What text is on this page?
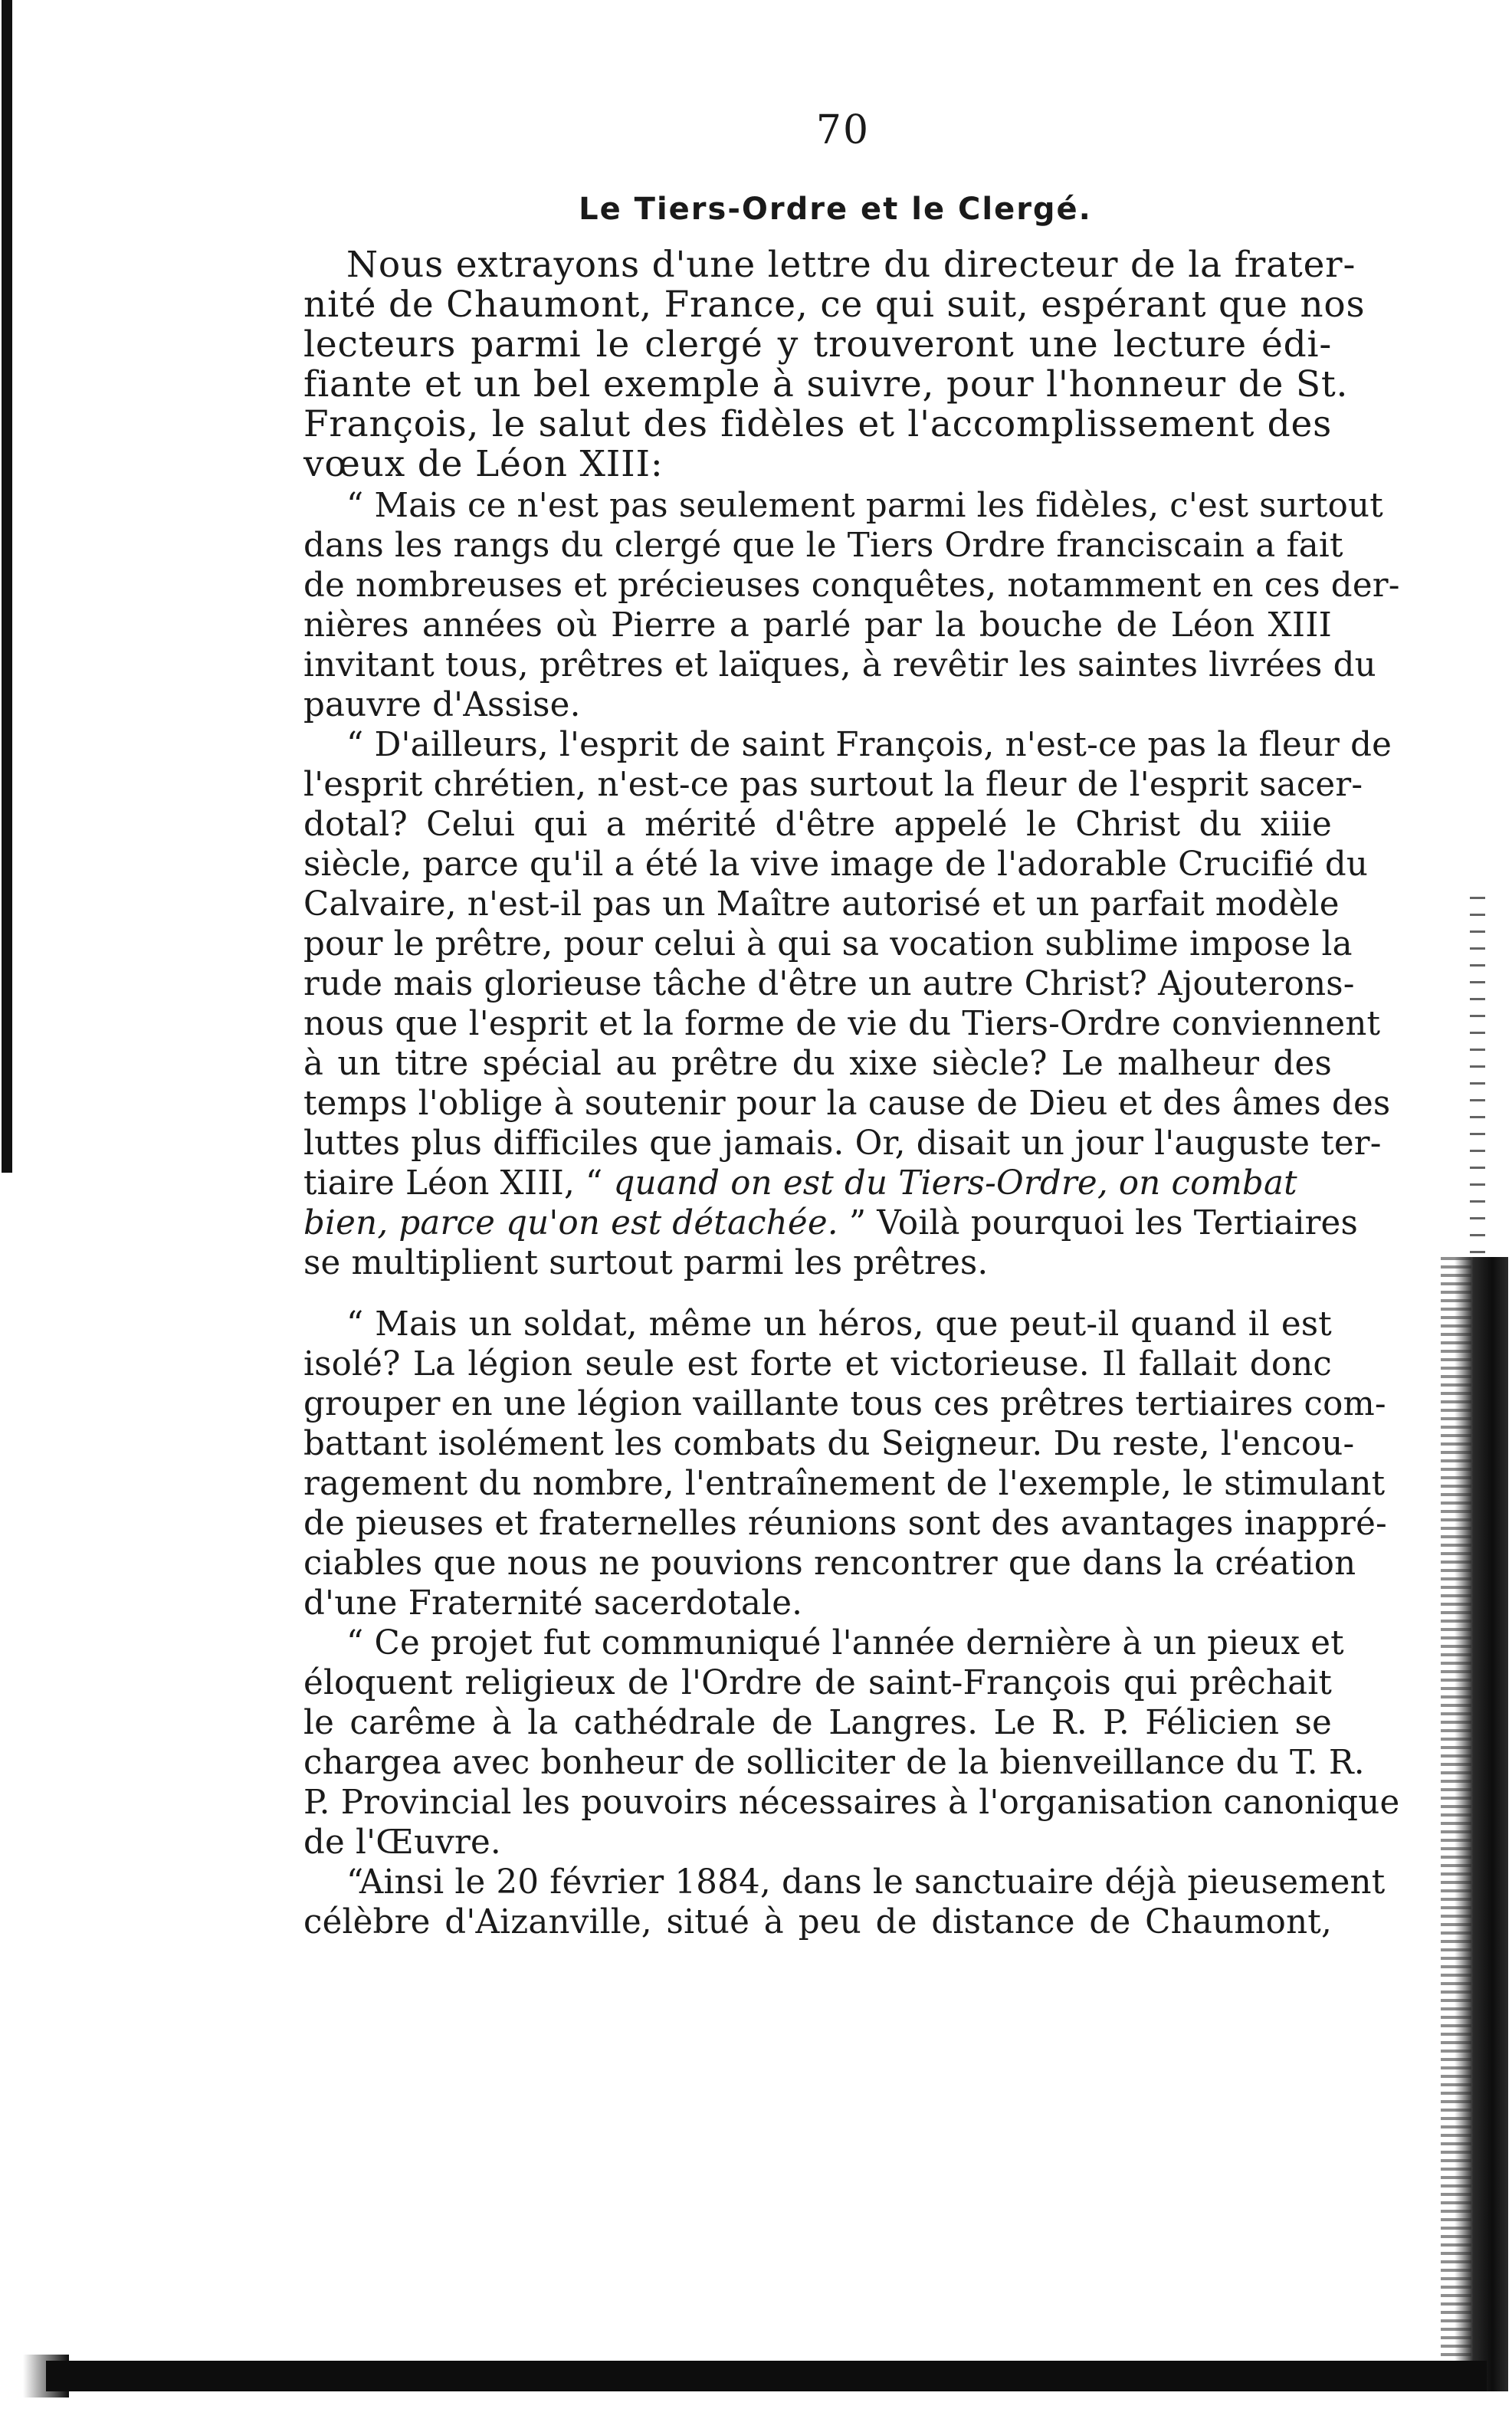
70
Le Tiers-Ordre et le Clergé.
Nous extrayons d'une lettre du directeur de la frater-
nité de Chaumont, France, ce qui suit, espérant que nos
lecteurs parmi le clergé y trouveront une lecture édi-
fiante et un bel exemple à suivre, pour l'honneur de St.
François, le salut des fidèles et l'accomplissement des
vœux de Léon XIII:
“ Mais ce n'est pas seulement parmi les fidèles, c'est surtout
dans les rangs du clergé que le Tiers Ordre franciscain a fait
de nombreuses et précieuses conquêtes, notamment en ces der-
nières années où Pierre a parlé par la bouche de Léon XIII
invitant tous, prêtres et laïques, à revêtir les saintes livrées du
pauvre d'Assise.
“ D'ailleurs, l'esprit de saint François, n'est-ce pas la fleur de
l'esprit chrétien, n'est-ce pas surtout la fleur de l'esprit sacer-
dotal? Celui qui a mérité d'être appelé le Christ du xiiie
siècle, parce qu'il a été la vive image de l'adorable Crucifié du
Calvaire, n'est-il pas un Maître autorisé et un parfait modèle
pour le prêtre, pour celui à qui sa vocation sublime impose la
rude mais glorieuse tâche d'être un autre Christ? Ajouterons-
nous que l'esprit et la forme de vie du Tiers-Ordre conviennent
à un titre spécial au prêtre du xixe siècle? Le malheur des
temps l'oblige à soutenir pour la cause de Dieu et des âmes des
luttes plus difficiles que jamais. Or, disait un jour l'auguste ter-
tiaire Léon XIII, “ quand on est du Tiers-Ordre, on combat
bien, parce qu'on est détachée. ” Voilà pourquoi les Tertiaires
se multiplient surtout parmi les prêtres.
“ Mais un soldat, même un héros, que peut-il quand il est
isolé? La légion seule est forte et victorieuse. Il fallait donc
grouper en une légion vaillante tous ces prêtres tertiaires com-
battant isolément les combats du Seigneur. Du reste, l'encou-
ragement du nombre, l'entraînement de l'exemple, le stimulant
de pieuses et fraternelles réunions sont des avantages inappré-
ciables que nous ne pouvions rencontrer que dans la création
d'une Fraternité sacerdotale.
“ Ce projet fut communiqué l'année dernière à un pieux et
éloquent religieux de l'Ordre de saint-François qui prêchait
le carême à la cathédrale de Langres. Le R. P. Félicien se
chargea avec bonheur de solliciter de la bienveillance du T. R.
P. Provincial les pouvoirs nécessaires à l'organisation canonique
de l'Œuvre.
“Ainsi le 20 février 1884, dans le sanctuaire déjà pieusement
célèbre d'Aizanville, situé à peu de distance de Chaumont,
